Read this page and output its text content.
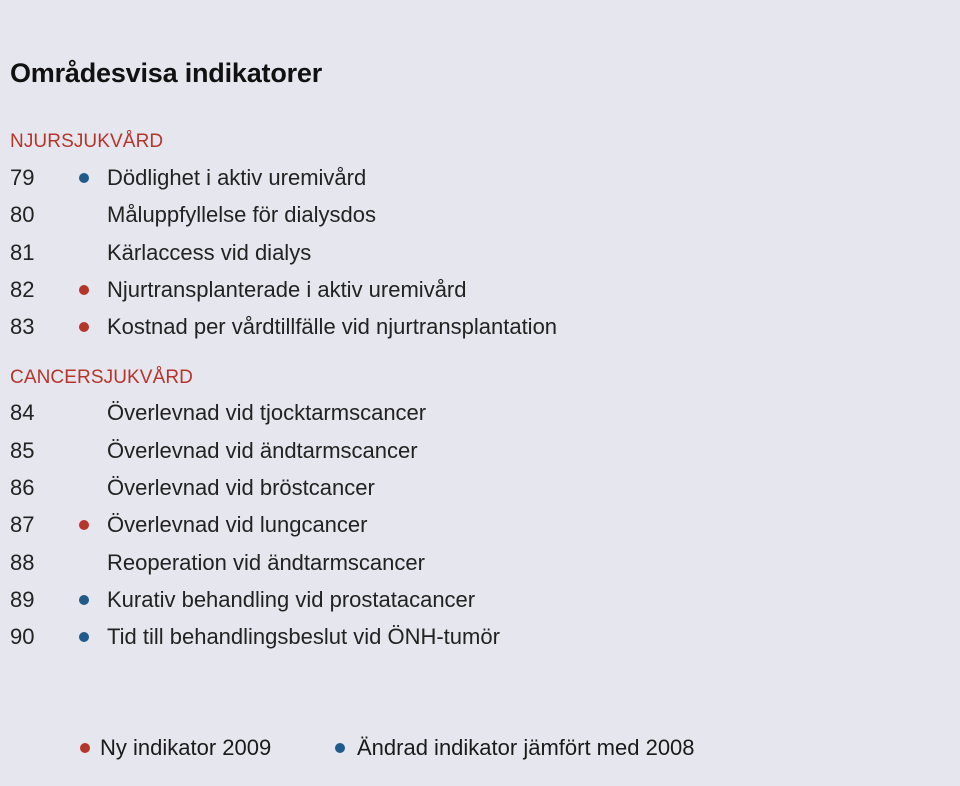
Områdesvisa indikatorer
NJURSJUKVÅRD
79	Dödlighet i aktiv uremivård
80	Måluppfyllelse för dialysdos
81	Kärlaccess vid dialys
82	Njurtransplanterade i aktiv uremivård
83	Kostnad per vårdtillfälle vid njurtransplantation
CANCERSJUKVÅRD
84	Överlevnad vid tjocktarmscancer
85	Överlevnad vid ändtarmscancer
86	Överlevnad vid bröstcancer
87	Överlevnad vid lungcancer
88	Reoperation vid ändtarmscancer
89	Kurativ behandling vid prostatacancer
90	Tid till behandlingsbeslut vid ÖNH-tumör
Ny indikator 2009	Ändrad indikator jämfört med 2008
